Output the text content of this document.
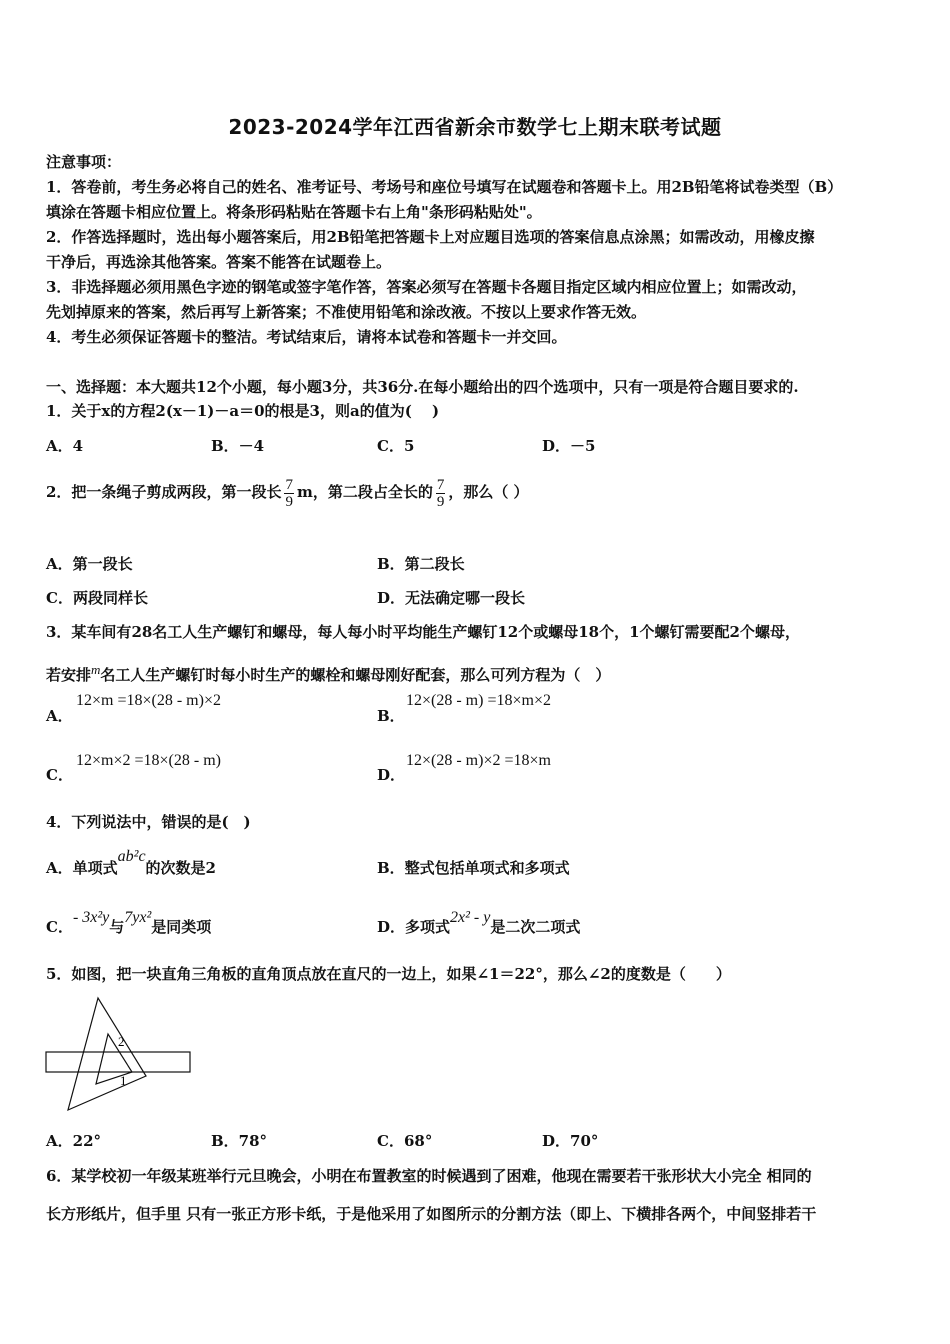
2023-2024学年江西省新余市数学七上期末联考试题
注意事项：
1．答卷前，考生务必将自己的姓名、准考证号、考场号和座位号填写在试题卷和答题卡上。用2B铅笔将试卷类型（B）
填涂在答题卡相应位置上。将条形码粘贴在答题卡右上角"条形码粘贴处"。
2．作答选择题时，选出每小题答案后，用2B铅笔把答题卡上对应题目选项的答案信息点涂黑；如需改动，用橡皮擦
干净后，再选涂其他答案。答案不能答在试题卷上。
3．非选择题必须用黑色字迹的钢笔或签字笔作答，答案必须写在答题卡各题目指定区域内相应位置上；如需改动，
先划掉原来的答案，然后再写上新答案；不准使用铅笔和涂改液。不按以上要求作答无效。
4．考生必须保证答题卡的整洁。考试结束后，请将本试卷和答题卡一并交回。
一、选择题：本大题共12个小题，每小题3分，共36分.在每小题给出的四个选项中，只有一项是符合题目要求的.
1．关于x的方程2(x－1)－a＝0的根是3，则a的值为(　 )
A．4	B．－4	C．5	D．－5
2．把一条绳子剪成两段，第一段长 $\frac{7}{9}$ m，第二段占全长的 $\frac{7}{9}$ ，那么（ ）
A．第一段长	B．第二段长
C．两段同样长	D．无法确定哪一段长
3．某车间有28名工人生产螺钉和螺母，每人每小时平均能生产螺钉12个或螺母18个，1个螺钉需要配2个螺母，
若安排$^m$名工人生产螺钉时每小时生产的螺栓和螺母刚好配套，那么可列方程为（　）
A．
12×m =18×(28 - m)×2
B．
12×(28 - m) =18×m×2
C．
12×m×2 =18×(28 - m)
D．
12×(28 - m)×2 =18×m
4．下列说法中，错误的是(　)
A．单项式ab²c的次数是2	B．整式包括单项式和多项式
C．- 3x²y与7yx²是同类项	D．多项式2x² - y是二次二项式
5．如图，把一块直角三角板的直角顶点放在直尺的一边上，如果∠1＝22°，那么∠2的度数是（　　）
2
1
A．22°	B．78°	C．68°	D．70°
6．某学校初一年级某班举行元旦晚会，小明在布置教室的时候遇到了困难，他现在需要若干张形状大小完全 相同的
长方形纸片，但手里 只有一张正方形卡纸，于是他采用了如图所示的分割方法（即上、下横排各两个，中间竖排若干
